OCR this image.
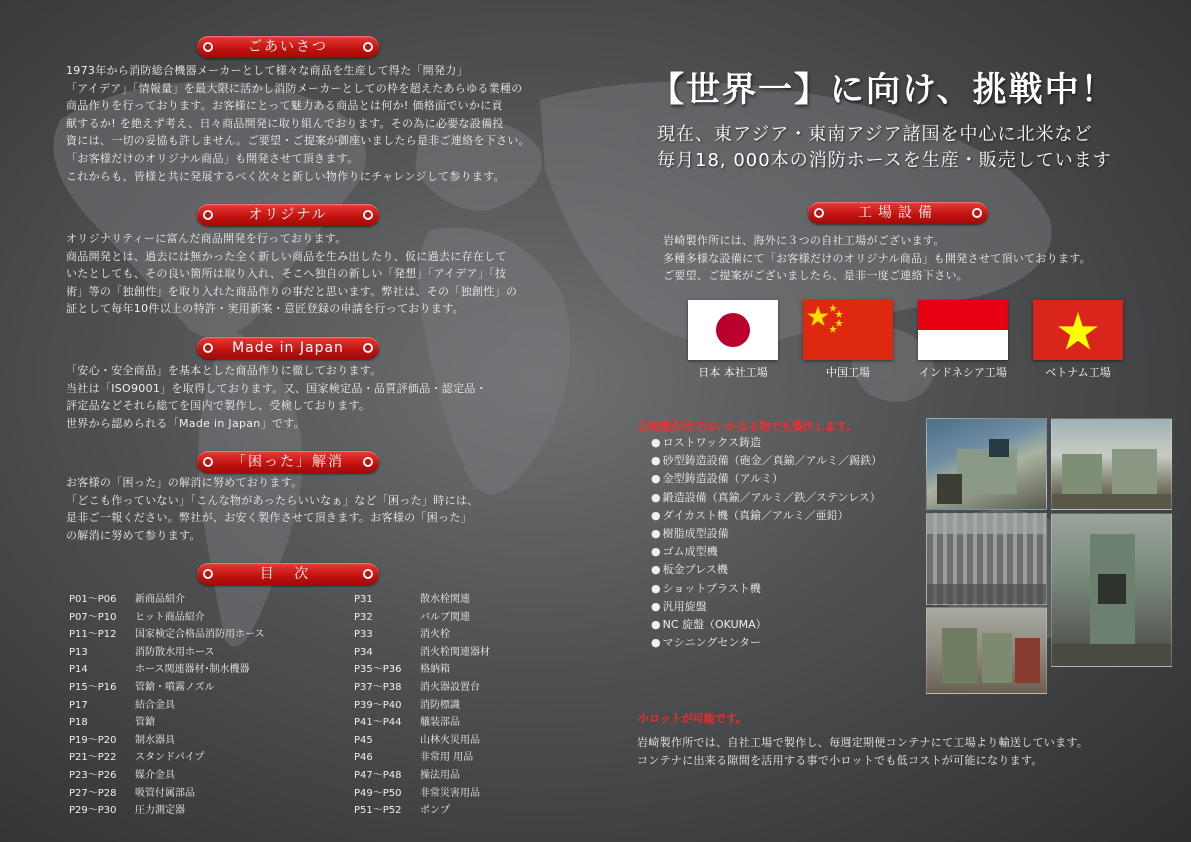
●	ごあいさつ	●
1973年から消防総合機器メーカーとして様々な商品を生産して得た「開発力」
「アイデア」「情報量」を最大限に活かし消防メーカーとしての枠を超えたあらゆる業種の
商品作りを行っております。お客様にとって魅力ある商品とは何か! 価格面でいかに貢
献するか! を絶えず考え、日々商品開発に取り組んでおります。その為に必要な設備投
資には、一切の妥協も許しません。ご要望・ご提案が御座いましたら是非ご連絡を下さい。
「お客様だけのオリジナル商品」も開発させて頂きます。
これからも、皆様と共に発展するべく次々と新しい物作りにチャレンジして参ります。
●	オリジナル	●
オリジナリティーに富んだ商品開発を行っております。
商品開発とは、過去には無かった全く新しい商品を生み出したり、仮に過去に存在して
いたとしても、その良い箇所は取り入れ、そこへ独自の新しい「発想」「アイデア」「技
術」等の「独創性」を取り入れた商品作りの事だと思います。弊社は、その「独創性」の
証として毎年10件以上の特許・実用新案・意匠登録の申請を行っております。
● Made in Japan	●
「安心・安全商品」を基本とした商品作りに徹しております。
当社は「ISO9001」を取得しております。又、国家検定品・品質評価品・認定品・
評定品などそれら総てを国内で製作し、受検しております。
世界から認められる「Made in Japan」です。
● 「困った」解消	●
お客様の「困った」の解消に努めております。
「どこも作っていない」「こんな物があったらいいなぁ」など「困った」時には、
是非ご一報ください。弊社が、お安く製作させて頂きます。お客様の「困った」
の解消に努めて参ります。
●	目 次	●
P01～P06	新商品紹介
P07～P10	ヒット商品紹介
P11～P12	国家検定合格品消防用ホース
P13	消防散水用ホース
P14	ホース関連器材･制水機器
P15～P16	管鎗・噴霧ノズル
P17	結合金具
P18	管鎗
P19～P20	制水器具
P21～P22	スタンドパイプ
P23～P26	媒介金具
P27～P28	吸管付属部品
P29～P30	圧力測定器
P31	散水栓関連
P32	バルブ関連
P33	消火栓
P34	消火栓関連器材
P35～P36	格納箱
P37～P38	消火器設置台
P39～P40	消防標識
P41～P44	艤装部品
P45	山林火災用品
P46	非常用 用品
P47～P48	操法用品
P49～P50	非常災害用品
P51～P52	ポンプ
【世界一】に向け、挑戦中！
現在、東アジア・東南アジア諸国を中心に北米など
毎月18, 000本の消防ホースを生産・販売しています
●	工場設備	●
岩崎製作所には、海外に３つの自社工場がございます。
多種多様な設備にて「お客様だけのオリジナル商品」も開発させて頂いております。
ご要望、ご提案がございましたら、是非一度ご連絡下さい。
日本 本社工場	中国工場	インドネシア工場	ベトナム工場
岩崎製作所ではいかなる物でも製作します。
● ロストワックス鋳造
● 砂型鋳造設備（砲金／真鍮／アルミ／錫鉄）
● 金型鋳造設備（アルミ）
● 鍛造設備（真鍮／アルミ／鉄／ステンレス）
● ダイカスト機（真鍮／アルミ／亜鉛）
● 樹脂成型設備
● ゴム成型機
● 板金プレス機
● ショットブラスト機
● 汎用旋盤
● NC 旋盤（OKUMA）
● マシニングセンター
小ロットが可能です。
岩崎製作所では、自社工場で製作し、毎週定期便コンテナにて工場より輸送しています。
コンテナに出来る隙間を活用する事で小ロットでも低コストが可能になります。
